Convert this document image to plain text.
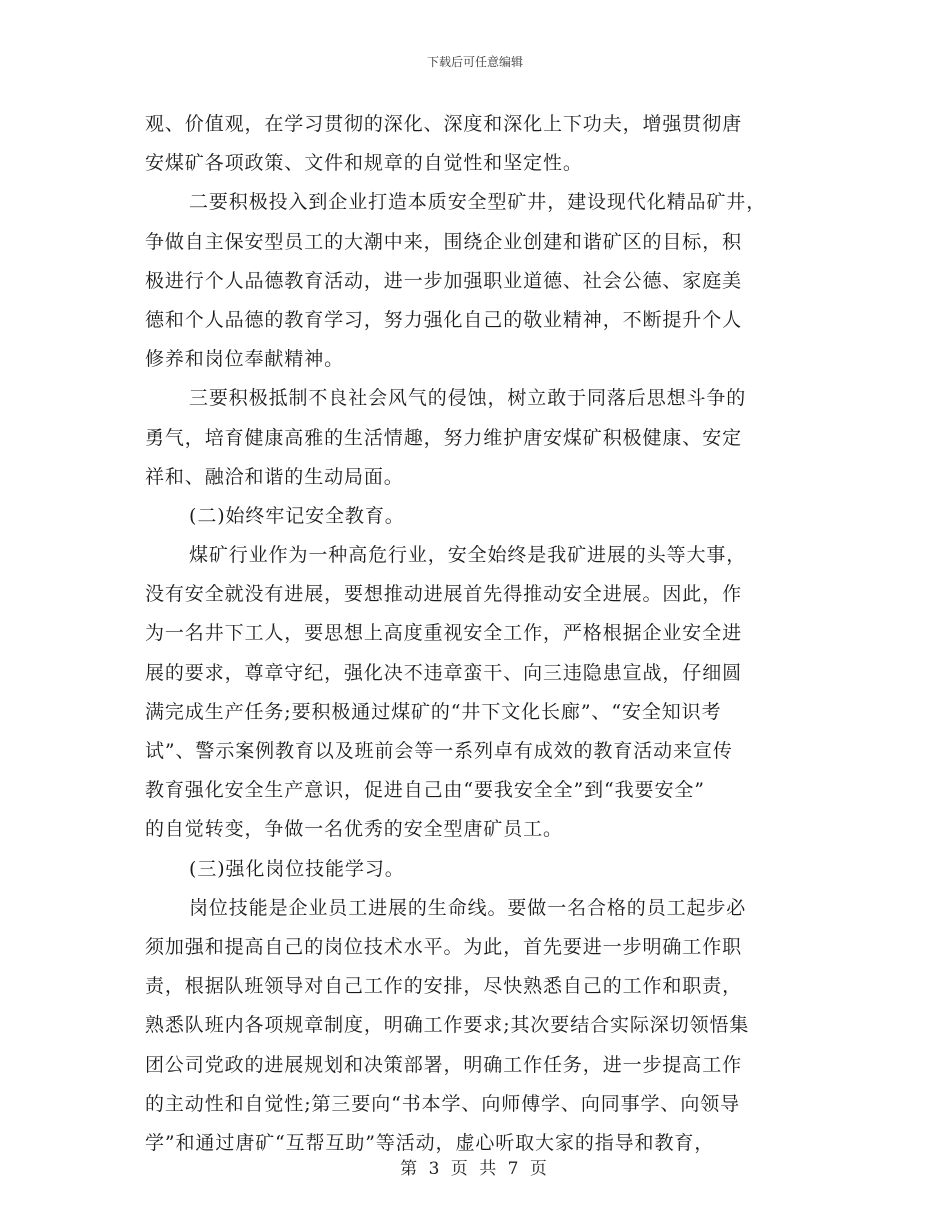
下载后可任意编辑
观、价值观，在学习贯彻的深化、深度和深化上下功夫，增强贯彻唐
安煤矿各项政策、文件和规章的自觉性和坚定性。
二要积极投入到企业打造本质安全型矿井，建设现代化精品矿井，
争做自主保安型员工的大潮中来，围绕企业创建和谐矿区的目标，积
极进行个人品德教育活动，进一步加强职业道德、社会公德、家庭美
德和个人品德的教育学习，努力强化自己的敬业精神，不断提升个人
修养和岗位奉献精神。
三要积极抵制不良社会风气的侵蚀，树立敢于同落后思想斗争的
勇气，培育健康高雅的生活情趣，努力维护唐安煤矿积极健康、安定
祥和、融洽和谐的生动局面。
(二)始终牢记安全教育。
煤矿行业作为一种高危行业，安全始终是我矿进展的头等大事，
没有安全就没有进展，要想推动进展首先得推动安全进展。因此，作
为一名井下工人，要思想上高度重视安全工作，严格根据企业安全进
展的要求，尊章守纪，强化决不违章蛮干、向三违隐患宣战，仔细圆
满完成生产任务;要积极通过煤矿的“井下文化长廊”、“安全知识考
试”、警示案例教育以及班前会等一系列卓有成效的教育活动来宣传
教育强化安全生产意识，促进自己由“要我安全全”到“我要安全”
的自觉转变，争做一名优秀的安全型唐矿员工。
(三)强化岗位技能学习。
岗位技能是企业员工进展的生命线。要做一名合格的员工起步必
须加强和提高自己的岗位技术水平。为此，首先要进一步明确工作职
责，根据队班领导对自己工作的安排，尽快熟悉自己的工作和职责，
熟悉队班内各项规章制度，明确工作要求;其次要结合实际深切领悟集
团公司党政的进展规划和决策部署，明确工作任务，进一步提高工作
的主动性和自觉性;第三要向“书本学、向师傅学、向同事学、向领导
学”和通过唐矿“互帮互助”等活动，虚心听取大家的指导和教育，
第 3 页 共 7 页
